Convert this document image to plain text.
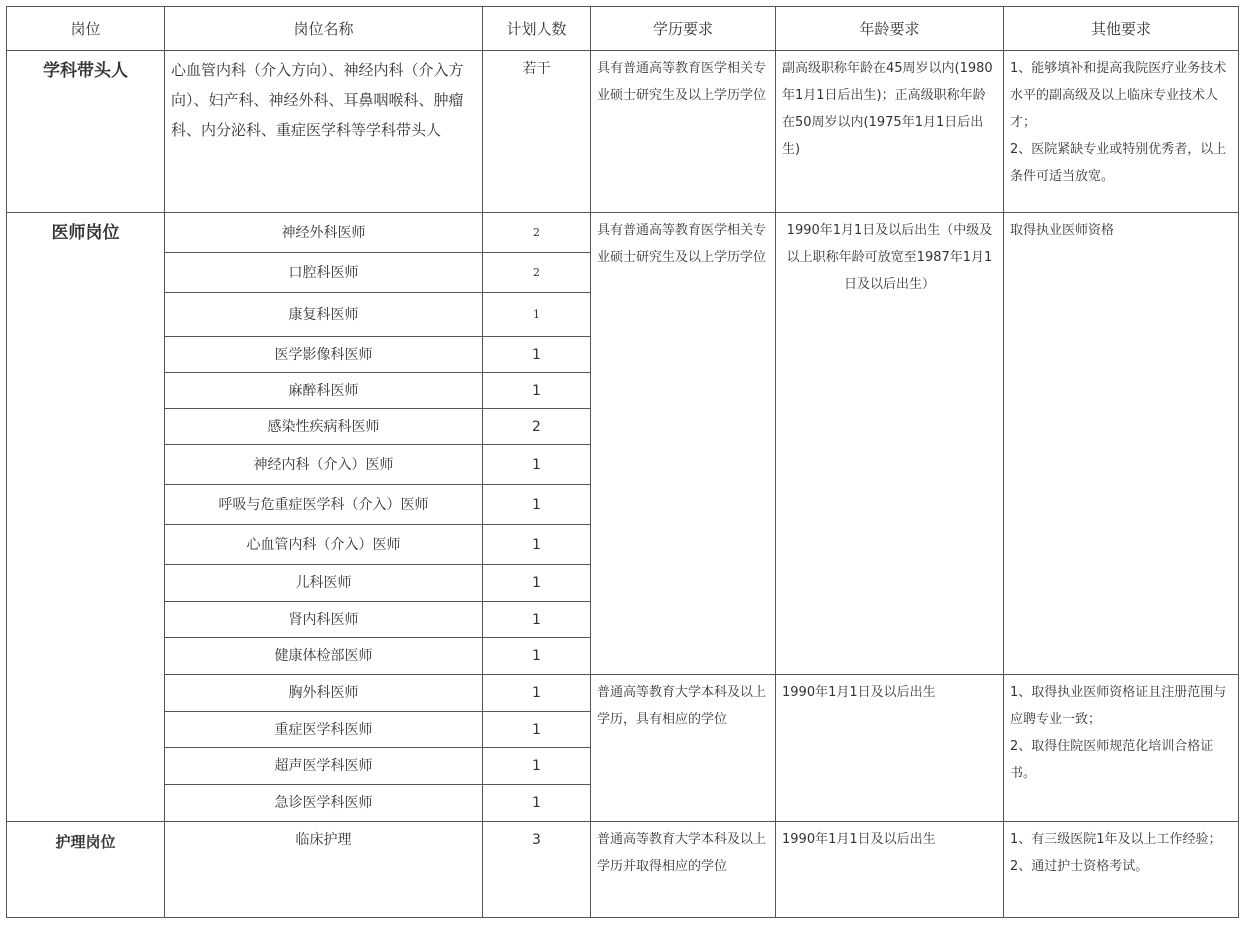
岗位	岗位名称	计划人数	学历要求	年龄要求	其他要求
学科带头人	心血管内科（介入方向）、神经内科（介入方向）、妇产科、神经外科、耳鼻咽喉科、肿瘤科、内分泌科、重症医学科等学科带头人	若干	具有普通高等教育医学相关专业硕士研究生及以上学历学位	副高级职称年龄在45周岁以内(1980年1月1日后出生)；正高级职称年龄在50周岁以内(1975年1月1日后出生)	1、能够填补和提高我院医疗业务技术水平的副高级及以上临床专业技术人才；
2、医院紧缺专业或特别优秀者，以上条件可适当放宽。

医师岗位	神经外科医师	2	具有普通高等教育医学相关专业硕士研究生及以上学历学位	1990年1月1日及以后出生（中级及以上职称年龄可放宽至1987年1月1日及以后出生）	取得执业医师资格
	口腔科医师	2			
	康复科医师	1			
	医学影像科医师	1			
	麻醉科医师	1			
	感染性疾病科医师	2			
	神经内科（介入）医师	1			
	呼吸与危重症医学科（介入）医师	1			
	心血管内科（介入）医师	1			
	儿科医师	1			
	肾内科医师	1			
	健康体检部医师	1			
	胸外科医师	1	普通高等教育大学本科及以上学历，具有相应的学位	1990年1月1日及以后出生	1、取得执业医师资格证且注册范围与应聘专业一致；
2、取得住院医师规范化培训合格证书。

	重症医学科医师	1			
	超声医学科医师	1			
	急诊医学科医师	1			
护理岗位	临床护理	3	普通高等教育大学本科及以上学历并取得相应的学位	1990年1月1日及以后出生	1、有三级医院1年及以上工作经验；
2、通过护士资格考试。
